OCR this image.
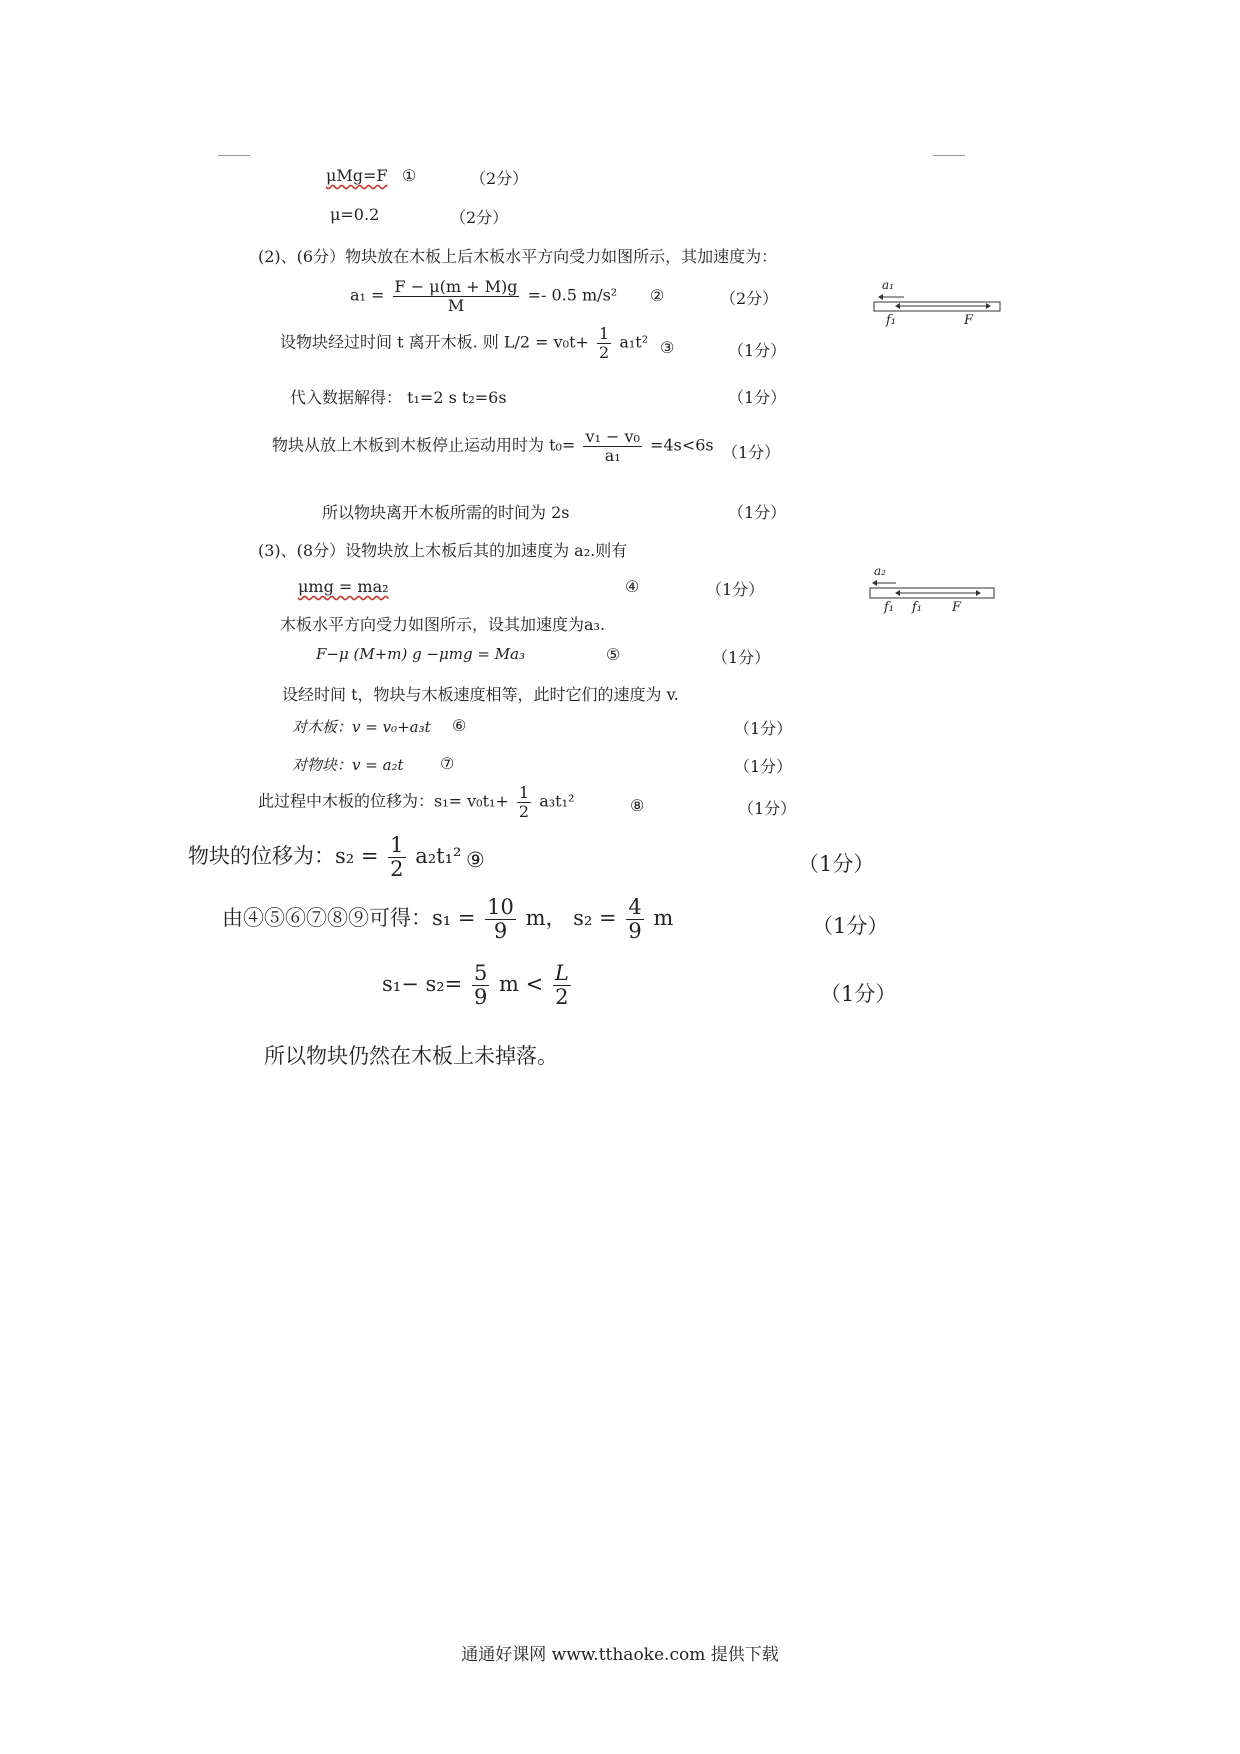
μMg=F ①	（2分）
μ=0.2	（2分）
(2)、(6分）物块放在木板上后木板水平方向受力如图所示，其加速度为：
$a_1 = \frac{F - \mu(m + M)g}{M} =- 0.5$ m/s² ②	（2分）
a₁
f₁	F
设物块经过时间 t 离开木板. 则 $L/2 = v_0t+ \frac{1}{2} a_1t^2$ ③	（1分）
代入数据解得： t₁=2 s t₂=6s	（1分）
物块从放上木板到木板停止运动用时为 $t_0= \frac{\text{v₁ − v₀}}{\text{a₁}} =4s<6s$ （1分）
所以物块离开木板所需的时间为 2s	（1分）
(3)、(8分）设物块放上木板后其的加速度为 a₂.则有
μmg = ma₂	④	（1分）
a₂
f₁ f₁ F
木板水平方向受力如图所示，设其加速度为a₃.
F−μ (M+m) g −μmg = Ma₃	⑤	（1分）
设经时间 t，物块与木板速度相等，此时它们的速度为 v.
对木板：v = v₀+a₃t ⑥	（1分）
对物块：v = a₂t ⑦	（1分）
此过程中木板的位移为：$s_1= v_0t_1+ \frac{1}{2} a_3t_1^2$	⑧	（1分）
物块的位移为：$s_2 = \frac{1}{2} a_2t_1^2$ ⑨	（1分）
由④⑤⑥⑦⑧⑨可得：$s_1 = \frac{10}{9}$ m， $s_2 = \frac{4}{9}$ m	（1分）
$s_1- s_2= \frac{5}{9}$ $m < \frac{L}{2}$	（1分）
所以物块仍然在木板上未掉落。
通通好课网 www.tthaoke.com 提供下载
